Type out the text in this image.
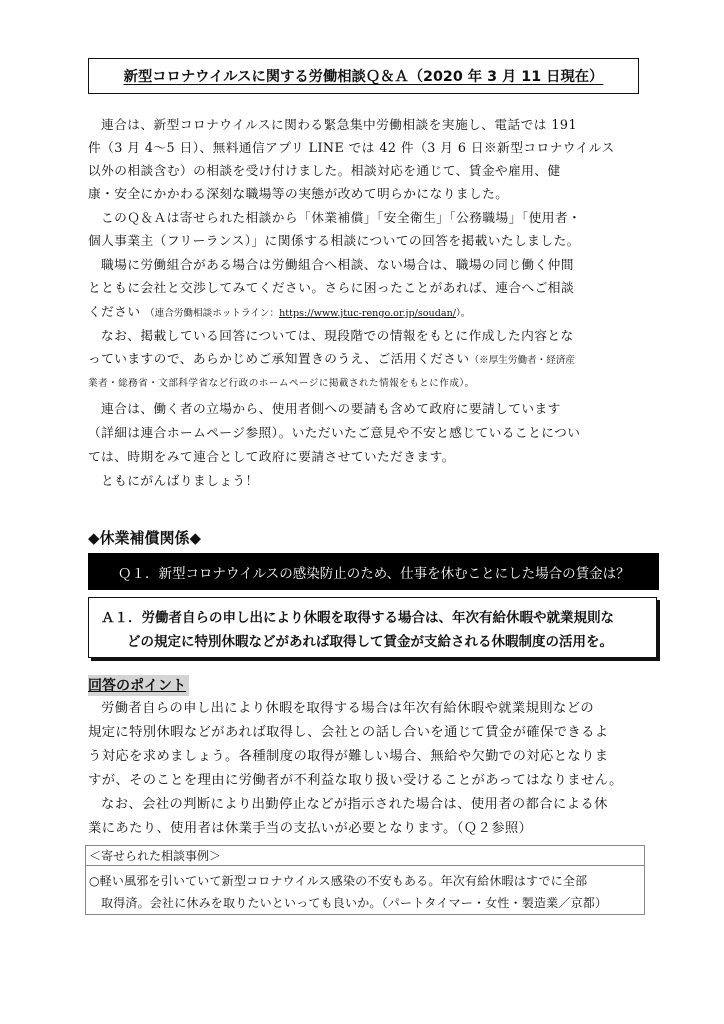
新型コロナウイルスに関する労働相談Ｑ＆Ａ（2020 年 3 月 11 日現在）

連合は、新型コロナウイルスに関わる緊急集中労働相談を実施し、電話では 191

件（3 月 4～5 日）、無料通信アプリ LINE では 42 件（3 月 6 日※新型コロナウイルス

以外の相談含む）の相談を受け付けました。相談対応を通じて、賃金や雇用、健

康・安全にかかわる深刻な職場等の実態が改めて明らかになりました。

このＱ＆Ａは寄せられた相談から「休業補償」「安全衛生」「公務職場」「使用者・

個人事業主（フリーランス）」に関係する相談についての回答を掲載いたしました。

職場に労働組合がある場合は労働組合へ相談、ない場合は、職場の同じ働く仲間

とともに会社と交渉してみてください。さらに困ったことがあれば、連合へご相談

ください （連合労働相談ホットライン：https://www.jtuc-rengo.or.jp/soudan/）。

なお、掲載している回答については、現段階での情報をもとに作成した内容とな

っていますので、あらかじめご承知置きのうえ、ご活用ください（※厚生労働者・経済産

業者・総務省・文部科学省など行政のホームページに掲載された情報をもとに作成）。

連合は、働く者の立場から、使用者側への要請も含めて政府に要請しています

（詳細は連合ホームページ参照）。いただいたご意見や不安と感じていることについ

ては、時期をみて連合として政府に要請させていただきます。

ともにがんばりましょう！

◆休業補償関係◆
Ｑ１．新型コロナウイルスの感染防止のため、仕事を休むことにした場合の賃金は？
Ａ１．労働者自らの申し出により休暇を取得する場合は、年次有給休暇や就業規則な
どの規定に特別休暇などがあれば取得して賃金が支給される休暇制度の活用を。
回答のポイント

労働者自らの申し出により休暇を取得する場合は年次有給休暇や就業規則などの

規定に特別休暇などがあれば取得し、会社との話し合いを通じて賃金が確保できるよ

う対応を求めましょう。各種制度の取得が難しい場合、無給や欠勤での対応となりま

すが、そのことを理由に労働者が不利益な取り扱い受けることがあってはなりません。

なお、会社の判断により出勤停止などが指示された場合は、使用者の都合による休

業にあたり、使用者は休業手当の支払いが必要となります。（Ｑ２参照）

＜寄せられた相談事例＞

○軽い風邪を引いていて新型コロナウイルス感染の不安もある。年次有給休暇はすでに全部

取得済。会社に休みを取りたいといっても良いか。（パートタイマー・女性・製造業／京都）
